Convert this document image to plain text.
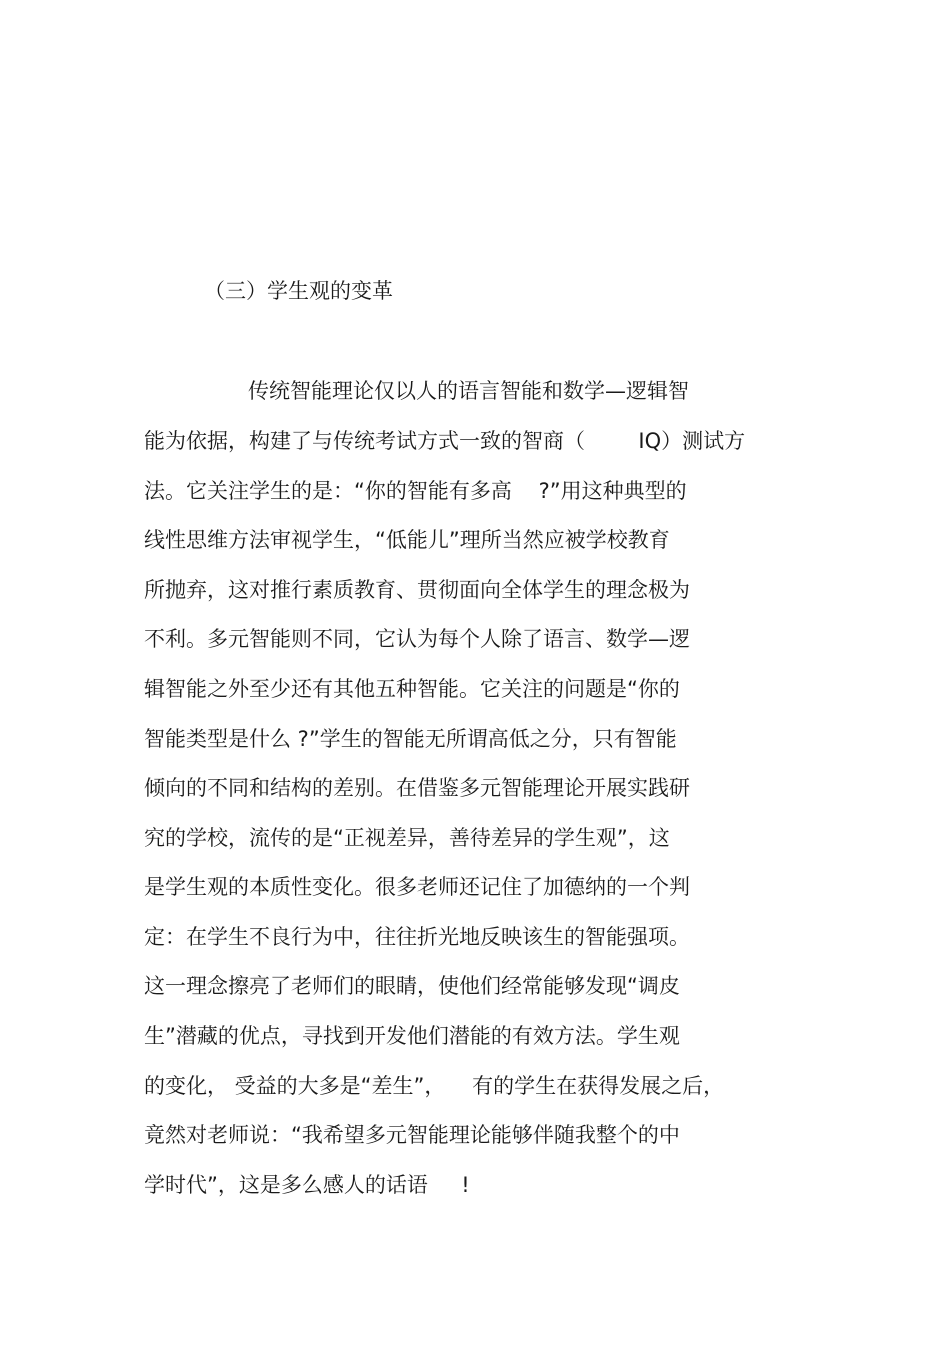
（三）学生观的变革
传统智能理论仅以人的语言智能和数学—逻辑智
能为依据，构建了与传统考试方式一致的智商（        IQ）测试方
法。它关注学生的是：“你的智能有多高    ?”用这种典型的
线性思维方法审视学生，“低能儿”理所当然应被学校教育
所抛弃，这对推行素质教育、贯彻面向全体学生的理念极为
不利。多元智能则不同，它认为每个人除了语言、数学—逻
辑智能之外至少还有其他五种智能。它关注的问题是“你的
智能类型是什么 ?”学生的智能无所谓高低之分，只有智能
倾向的不同和结构的差别。在借鉴多元智能理论开展实践研
究的学校，流传的是“正视差异，善待差异的学生观”，这
是学生观的本质性变化。很多老师还记住了加德纳的一个判
定：在学生不良行为中，往往折光地反映该生的智能强项。
这一理念擦亮了老师们的眼睛，使他们经常能够发现“调皮
生”潜藏的优点，寻找到开发他们潜能的有效方法。学生观
的变化， 受益的大多是“差生”，    有的学生在获得发展之后，
竟然对老师说：“我希望多元智能理论能够伴随我整个的中
学时代”，这是多么感人的话语     !
